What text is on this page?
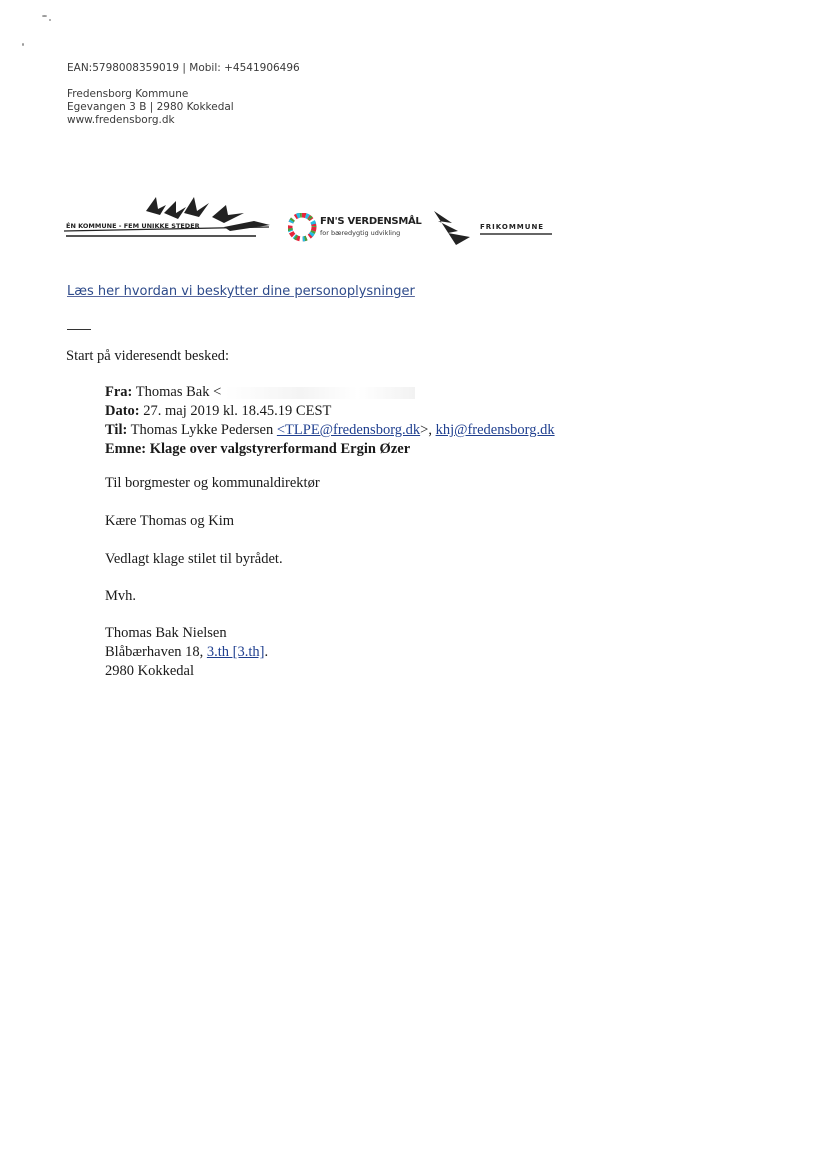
EAN:5798008359019 | Mobil: +4541906496
Fredensborg Kommune
Egevangen 3 B | 2980 Kokkedal
www.fredensborg.dk
ÉN KOMMUNE - FEM UNIKKE STEDER	FN'S VERDENSMÅL
for bæredygtig udvikling
FRIKOMMUNE
Læs her hvordan vi beskytter dine personoplysninger
Start på videresendt besked:
Fra: Thomas Bak <
Dato: 27. maj 2019 kl. 18.45.19 CEST
Til: Thomas Lykke Pedersen <TLPE@fredensborg.dk>, khj@fredensborg.dk
Emne: Klage over valgstyrerformand Ergin Øzer
Til borgmester og kommunaldirektør
Kære Thomas og Kim
Vedlagt klage stilet til byrådet.
Mvh.
Thomas Bak Nielsen
Blåbærhaven 18, 3.th [3.th].
2980 Kokkedal
